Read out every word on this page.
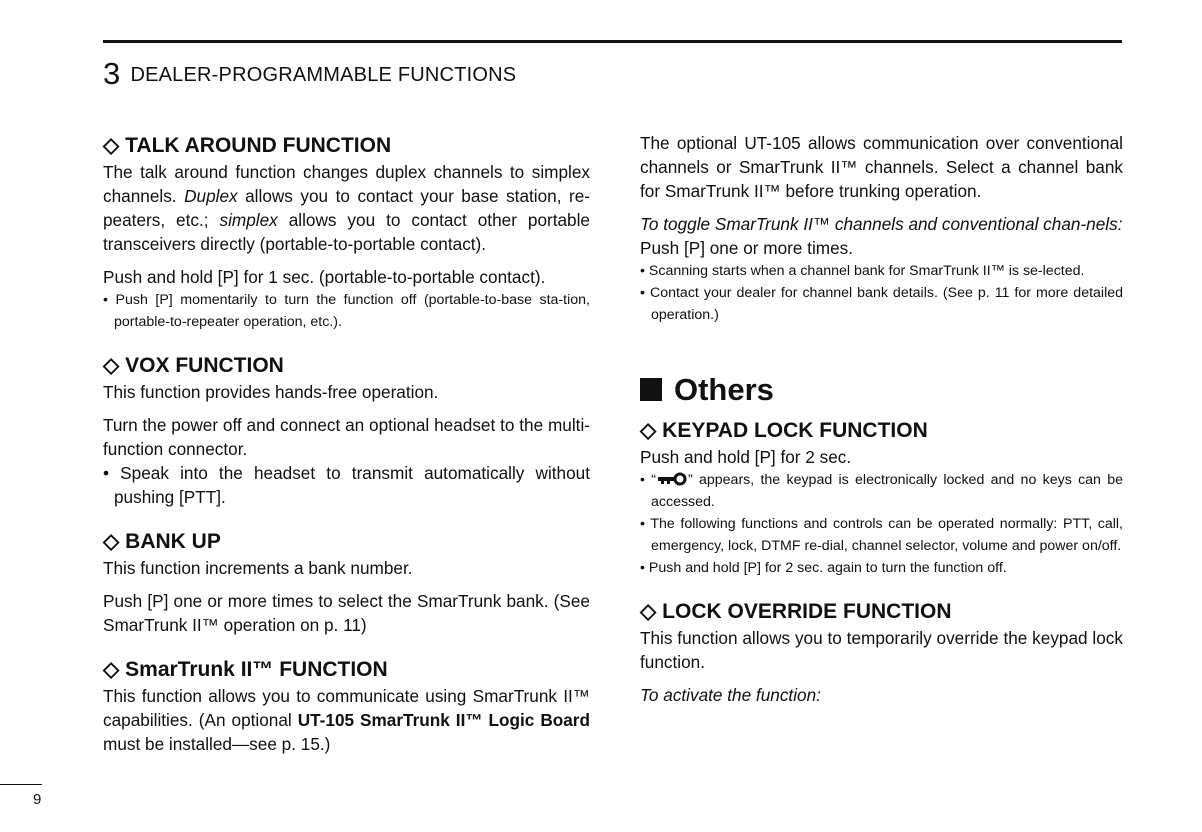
3 DEALER-PROGRAMMABLE FUNCTIONS
◇ TALK AROUND FUNCTION

The talk around function changes duplex channels to simplex channels. Duplex allows you to contact your base station, re-peaters, etc.; simplex allows you to contact other portable transceivers directly (portable-to-portable contact).

Push and hold [P] for 1 sec. (portable-to-portable contact).

• Push [P] momentarily to turn the function off (portable-to-base sta-tion, portable-to-repeater operation, etc.).

◇ VOX FUNCTION

This function provides hands-free operation.

Turn the power off and connect an optional headset to the multi-function connector.

• Speak into the headset to transmit automatically without pushing [PTT].

◇ BANK UP

This function increments a bank number.

Push [P] one or more times to select the SmarTrunk bank. (See SmarTrunk II™ operation on p. 11)

◇ SmarTrunk II™ FUNCTION

This function allows you to communicate using SmarTrunk II™ capabilities. (An optional UT-105 SmarTrunk II™ Logic Board must be installed—see p. 15.)

The optional UT-105 allows communication over conventional channels or SmarTrunk II™ channels. Select a channel bank for SmarTrunk II™ before trunking operation.

To toggle SmarTrunk II™ channels and conventional chan-nels:

Push [P] one or more times.

• Scanning starts when a channel bank for SmarTrunk II™ is se-lected.

• Contact your dealer for channel bank details. (See p. 11 for more detailed operation.)

Others
◇ KEYPAD LOCK FUNCTION

Push and hold [P] for 2 sec.

• “ ” appears, the keypad is electronically locked and no keys can be accessed.

• The following functions and controls can be operated normally: PTT, call, emergency, lock, DTMF re-dial, channel selector, volume and power on/off.

• Push and hold [P] for 2 sec. again to turn the function off.

◇ LOCK OVERRIDE FUNCTION

This function allows you to temporarily override the keypad lock function.

To activate the function:

9
